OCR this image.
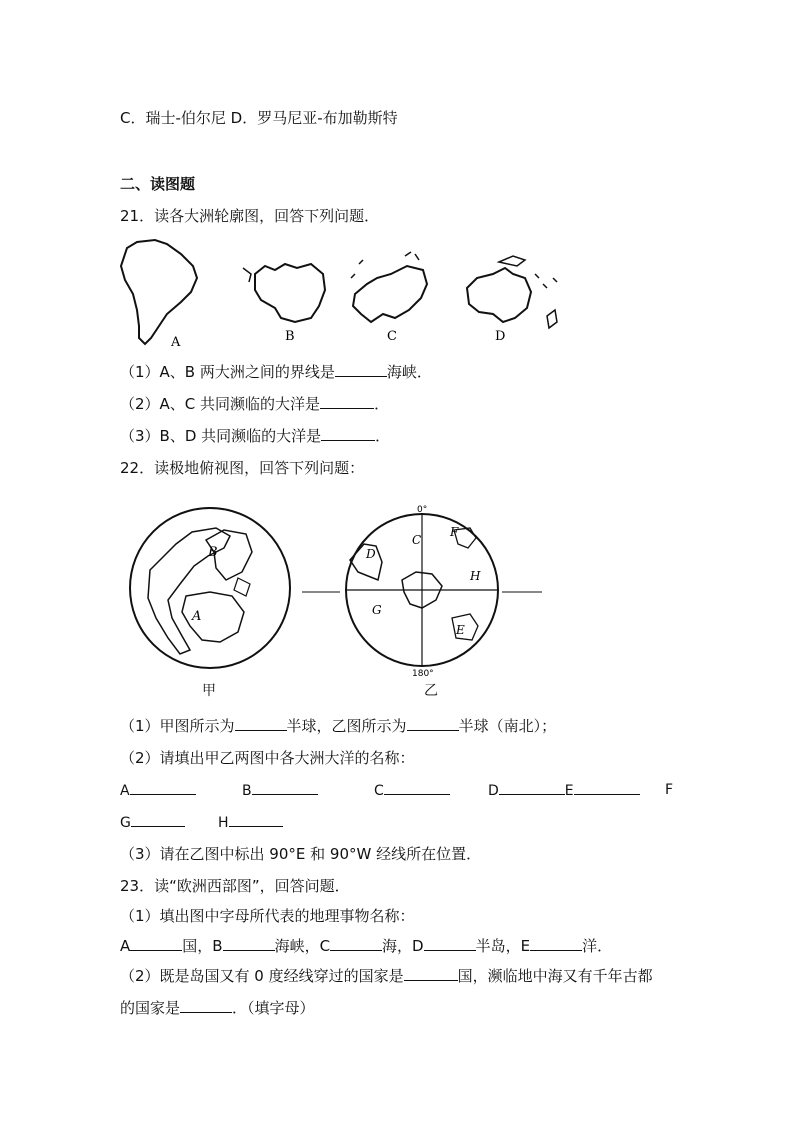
C．瑞士-伯尔尼 D．罗马尼亚-布加勒斯特
二、读图题
21．读各大洲轮廓图，回答下列问题．
A	B	C	D
（1）A、B 两大洲之间的界线是	海峡．
（2）A、C 共同濒临的大洋是	．
（3）B、D 共同濒临的大洋是	．
22．读极地俯视图，回答下列问题：
B
A
0°
180°
C
D
E
F
G
H
甲	乙
（1）甲图所示为	半球，乙图所示为	半球（南北）；
（2）请填出甲乙两图中各大洲大洋的名称：
A	B	C	D	E	F
G	H
（3）请在乙图中标出 90°E 和 90°W 经线所在位置．
23．读“欧洲西部图”，回答问题．
（1）填出图中字母所代表的地理事物名称：
A	国，B	海峡，C	海，D	半岛，E	洋．
（2）既是岛国又有 0 度经线穿过的国家是	国，濒临地中海又有千年古都
的国家是	．（填字母）
